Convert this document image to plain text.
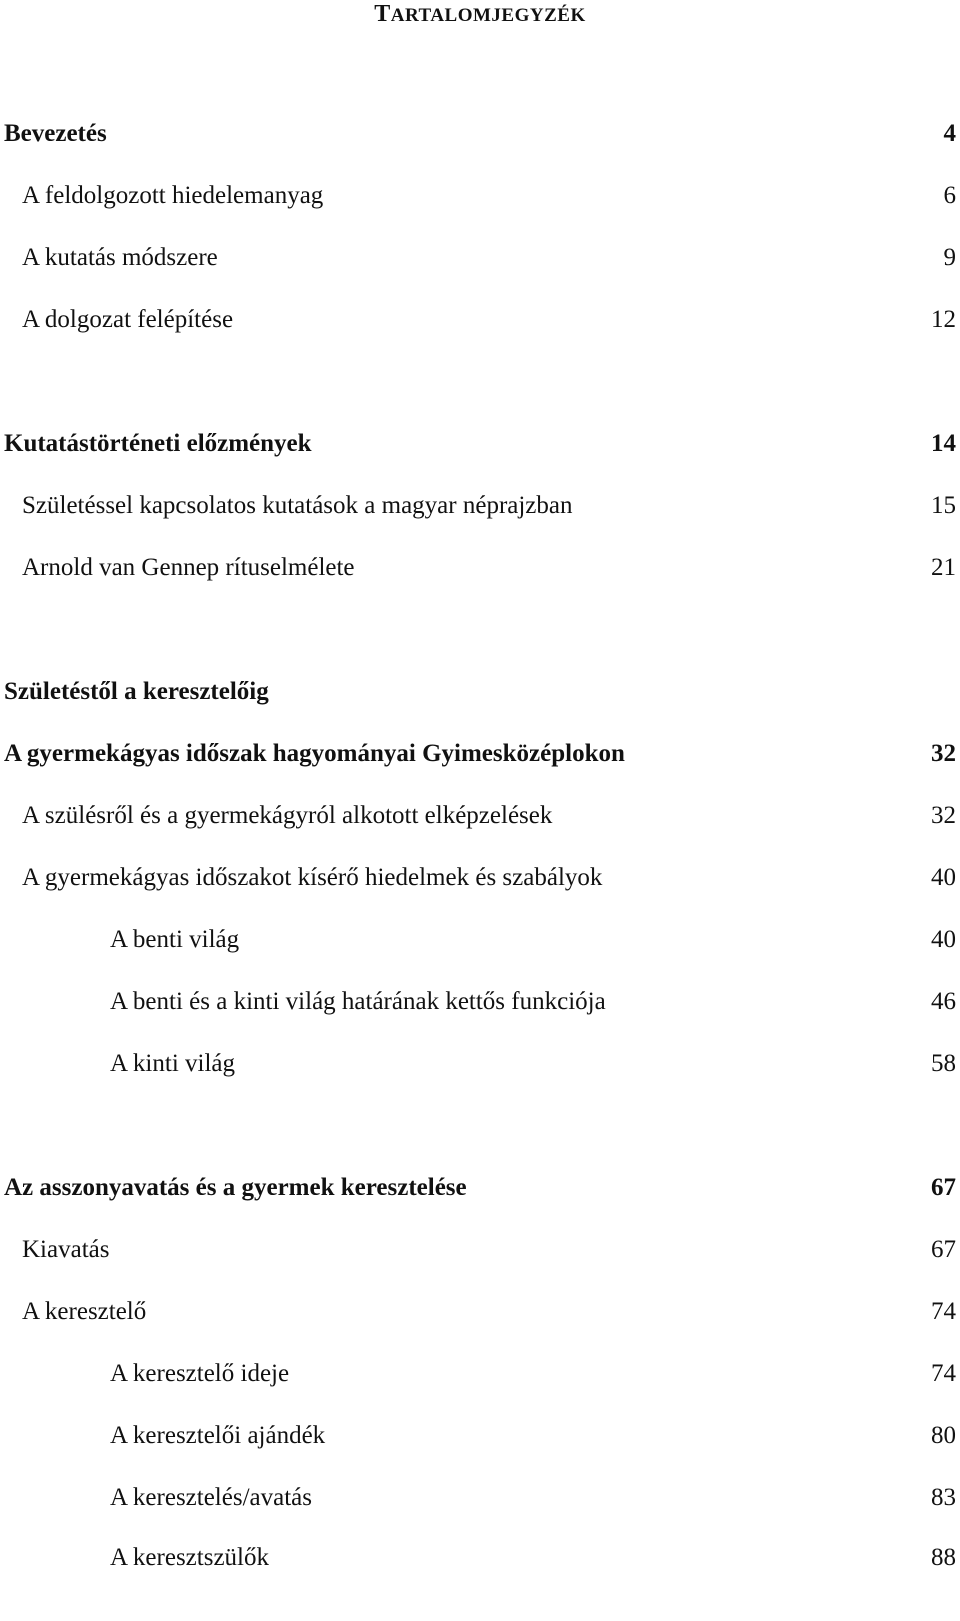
TARTALOMJEGYZÉK
Bevezetés	4
A feldolgozott hiedelemanyag	6
A kutatás módszere	9
A dolgozat felépítése	12
Kutatástörténeti előzmények	14
Születéssel kapcsolatos kutatások a magyar néprajzban	15
Arnold van Gennep rítuselmélete	21
Születéstől a keresztelőig
A gyermekágyas időszak hagyományai Gyimesközéplokon	32
A szülésről és a gyermekágyról alkotott elképzelések	32
A gyermekágyas időszakot kísérő hiedelmek és szabályok	40
A benti világ	40
A benti és a kinti világ határának kettős funkciója	46
A kinti világ	58
Az asszonyavatás és a gyermek keresztelése	67
Kiavatás	67
A keresztelő	74
A keresztelő ideje	74
A keresztelői ajándék	80
A keresztelés/avatás	83
A keresztszülők	88
